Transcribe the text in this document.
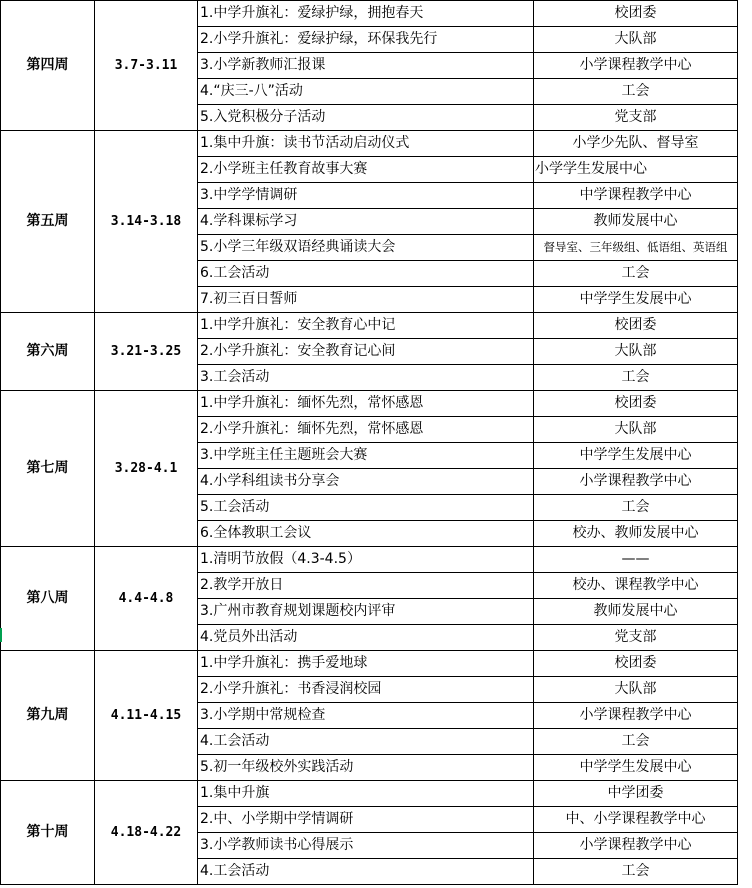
第四周	3.7-3.11	1.中学升旗礼：爱绿护绿，拥抱春天	校团委	
		2.小学升旗礼：爱绿护绿，环保我先行	大队部	
		3.小学新教师汇报课	小学课程教学中心	
		4.“庆三-八”活动	工会	
		5.入党积极分子活动	党支部	
第五周	3.14-3.18	1.集中升旗：读书节活动启动仪式	小学少先队、督导室	
		2.小学班主任教育故事大赛	小学学生发展中心	
		3.中学学情调研	中学课程教学中心	
		4.学科课标学习	教师发展中心	
		5.小学三年级双语经典诵读大会	督导室、三年级组、低语组、英语组	
		6.工会活动	工会	
		7.初三百日誓师	中学学生发展中心	
第六周	3.21-3.25	1.中学升旗礼：安全教育心中记	校团委	
		2.小学升旗礼：安全教育记心间	大队部	
		3.工会活动	工会	
第七周	3.28-4.1	1.中学升旗礼：缅怀先烈，常怀感恩	校团委	
		2.小学升旗礼：缅怀先烈，常怀感恩	大队部	
		3.中学班主任主题班会大赛	中学学生发展中心	
		4.小学科组读书分享会	小学课程教学中心	
		5.工会活动	工会	
		6.全体教职工会议	校办、教师发展中心	
第八周	4.4-4.8	1.清明节放假（4.3-4.5）	——	
		2.教学开放日	校办、课程教学中心	
		3.广州市教育规划课题校内评审	教师发展中心	
		4.党员外出活动	党支部	
第九周	4.11-4.15	1.中学升旗礼：携手爱地球	校团委	
		2.小学升旗礼：书香浸润校园	大队部	
		3.小学期中常规检查	小学课程教学中心	
		4.工会活动	工会	
		5.初一年级校外实践活动	中学学生发展中心	
第十周	4.18-4.22	1.集中升旗	中学团委	
		2.中、小学期中学情调研	中、小学课程教学中心	
		3.小学教师读书心得展示	小学课程教学中心	
		4.工会活动	工会	
